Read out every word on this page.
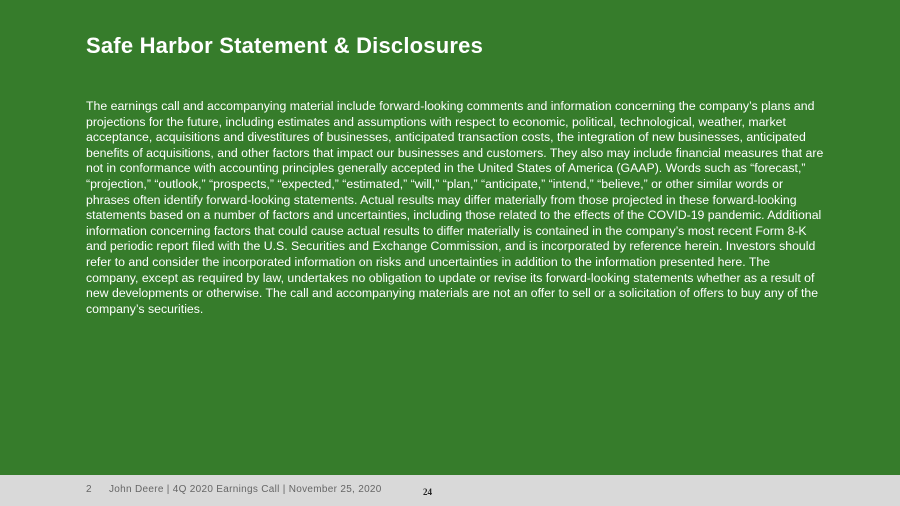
Safe Harbor Statement & Disclosures

The earnings call and accompanying material include forward-looking comments and information concerning the company’s plans and projections for the future, including estimates and assumptions with respect to economic, political, technological, weather, market acceptance, acquisitions and divestitures of businesses, anticipated transaction costs, the integration of new businesses, anticipated benefits of acquisitions, and other factors that impact our businesses and customers. They also may include financial measures that are not in conformance with accounting principles generally accepted in the United States of America (GAAP). Words such as “forecast,” “projection,” “outlook,” “prospects,” “expected,” “estimated,” “will,” “plan,” “anticipate,” “intend,” “believe,” or other similar words or phrases often identify forward-looking statements. Actual results may differ materially from those projected in these forward-looking statements based on a number of factors and uncertainties, including those related to the effects of the COVID-19 pandemic. Additional information concerning factors that could cause actual results to differ materially is contained in the company’s most recent Form 8-K and periodic report filed with the U.S. Securities and Exchange Commission, and is incorporated by reference herein. Investors should refer to and consider the incorporated information on risks and uncertainties in addition to the information presented here. The company, except as required by law, undertakes no obligation to update or revise its forward-looking statements whether as a result of new developments or otherwise. The call and accompanying materials are not an offer to sell or a solicitation of offers to buy any of the company’s securities.

2 John Deere | 4Q 2020 Earnings Call | November 25, 2020	24
